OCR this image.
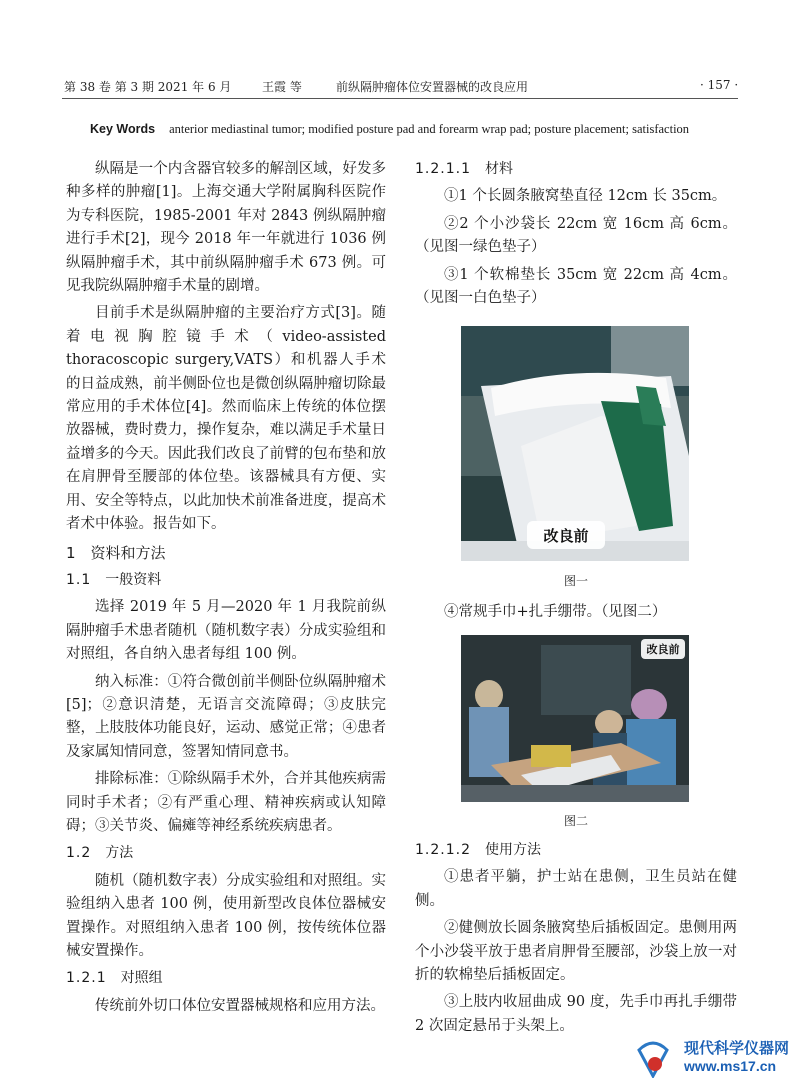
第 38 卷 第 3 期 2021 年 6 月	王霞 等	前纵隔肿瘤体位安置器械的改良应用	· 157 ·
Key Words anterior mediastinal tumor; modified posture pad and forearm wrap pad; posture placement; satisfaction

纵隔是一个内含器官较多的解剖区域，好发多种多样的肿瘤[1]。上海交通大学附属胸科医院作为专科医院，1985-2001 年对 2843 例纵隔肿瘤进行手术[2]，现今 2018 年一年就进行 1036 例纵隔肿瘤手术，其中前纵隔肿瘤手术 673 例。可见我院纵隔肿瘤手术量的剧增。

目前手术是纵隔肿瘤的主要治疗方式[3]。随着电视胸腔镜手术（video-assisted thoracoscopic surgery,VATS）和机器人手术的日益成熟，前半侧卧位也是微创纵隔肿瘤切除最常应用的手术体位[4]。然而临床上传统的体位摆放器械，费时费力，操作复杂，难以满足手术量日益增多的今天。因此我们改良了前臂的包布垫和放在肩胛骨至腰部的体位垫。该器械具有方便、实用、安全等特点，以此加快术前准备进度，提高术者术中体验。报告如下。

1 资料和方法
1.1 一般资料

选择 2019 年 5 月—2020 年 1 月我院前纵隔肿瘤手术患者随机（随机数字表）分成实验组和对照组，各自纳入患者每组 100 例。

纳入标准：①符合微创前半侧卧位纵隔肿瘤术[5]；②意识清楚，无语言交流障碍；③皮肤完整，上肢肢体功能良好，运动、感觉正常；④患者及家属知情同意，签署知情同意书。

排除标准：①除纵隔手术外，合并其他疾病需同时手术者；②有严重心理、精神疾病或认知障碍；③关节炎、偏瘫等神经系统疾病患者。

1.2 方法

随机（随机数字表）分成实验组和对照组。实验组纳入患者 100 例，使用新型改良体位器械安置操作。对照组纳入患者 100 例，按传统体位器械安置操作。

1.2.1 对照组

传统前外切口体位安置器械规格和应用方法。

1.2.1.1 材料

①1 个长圆条腋窝垫直径 12cm 长 35cm。

②2 个小沙袋长 22cm 宽 16cm 高 6cm。（见图一绿色垫子）

③1 个软棉垫长 35cm 宽 22cm 高 4cm。（见图一白色垫子）

改良前
图一

④常规手巾+扎手绷带。（见图二）

改良前
图二
1.2.1.2 使用方法

①患者平躺，护士站在患侧，卫生员站在健侧。

②健侧放长圆条腋窝垫后插板固定。患侧用两个小沙袋平放于患者肩胛骨至腰部，沙袋上放一对折的软棉垫后插板固定。

③上肢内收屈曲成 90 度，先手巾再扎手绷带 2 次固定悬吊于头架上。

现代科学仪器网
www.ms17.cn
